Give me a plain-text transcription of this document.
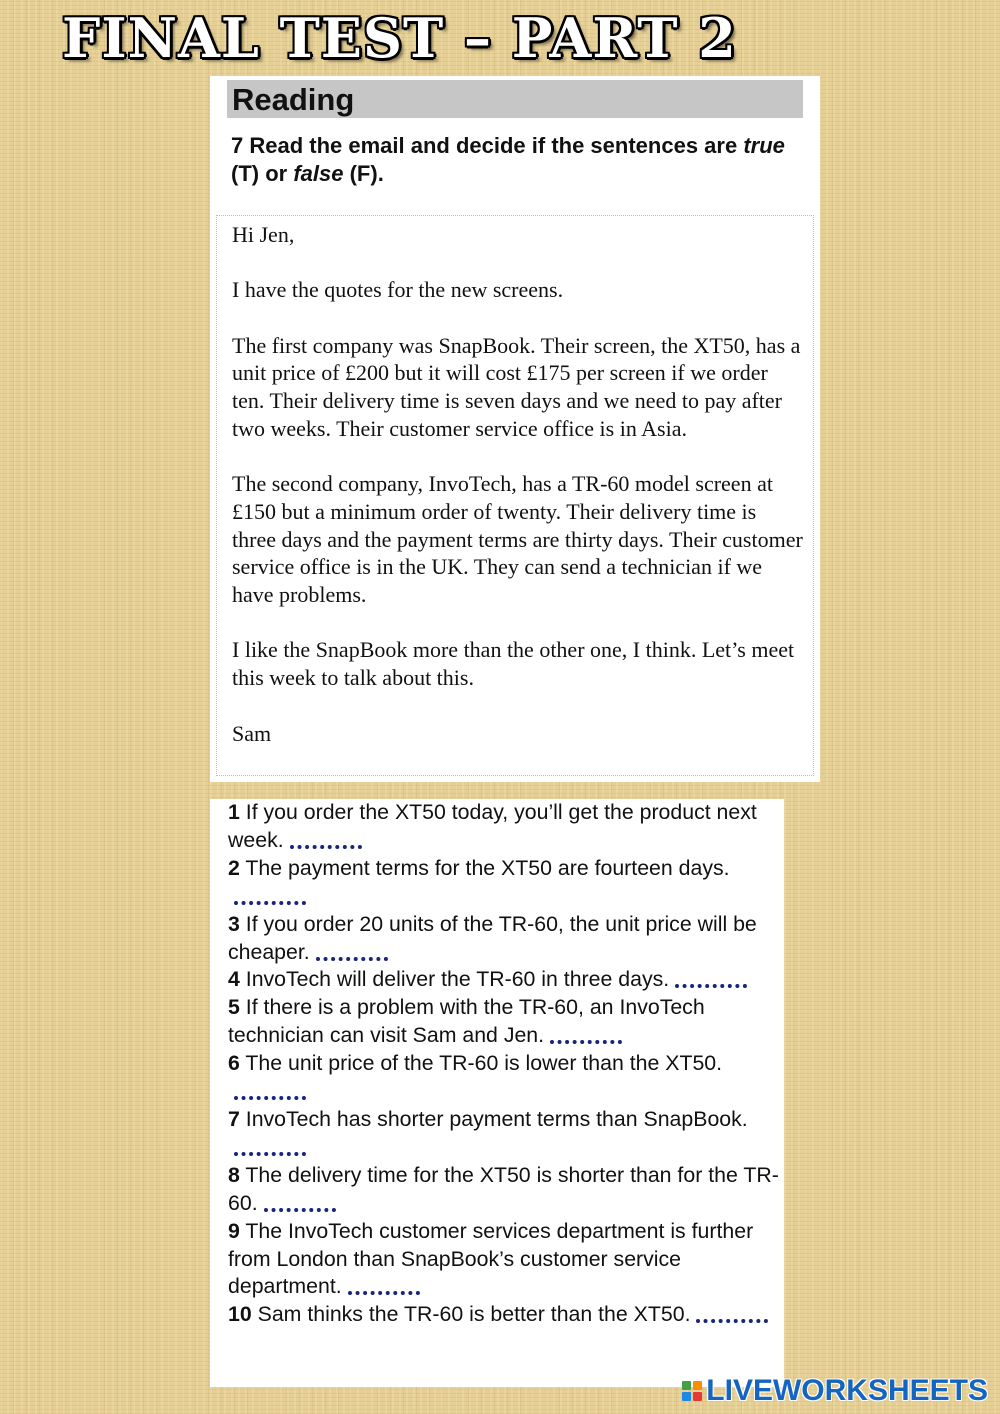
FINAL TEST – PART 2
Reading
7 Read the email and decide if the sentences are true (T) or false (F).

Hi Jen,

I have the quotes for the new screens.

The first company was SnapBook. Their screen, the XT50, has a unit price of £200 but it will cost £175 per screen if we order ten. Their delivery time is seven days and we need to pay after two weeks. Their customer service office is in Asia.

The second company, InvoTech, has a TR-60 model screen at £150 but a minimum order of twenty. Their delivery time is three days and the payment terms are thirty days. Their customer service office is in the UK. They can send a technician if we have problems.

I like the SnapBook more than the other one, I think. Let’s meet this week to talk about this.

Sam

1 If you order the XT50 today, you’ll get the product next week.
2 The payment terms for the XT50 are fourteen days.
3 If you order 20 units of the TR-60, the unit price will be cheaper.
4 InvoTech will deliver the TR-60 in three days.
5 If there is a problem with the TR-60, an InvoTech technician can visit Sam and Jen.
6 The unit price of the TR-60 is lower than the XT50.
7 InvoTech has shorter payment terms than SnapBook.
8 The delivery time for the XT50 is shorter than for the TR-60.
9 The InvoTech customer services department is further from London than SnapBook’s customer service department.
10 Sam thinks the TR-60 is better than the XT50.
LIVEWORKSHEETS
